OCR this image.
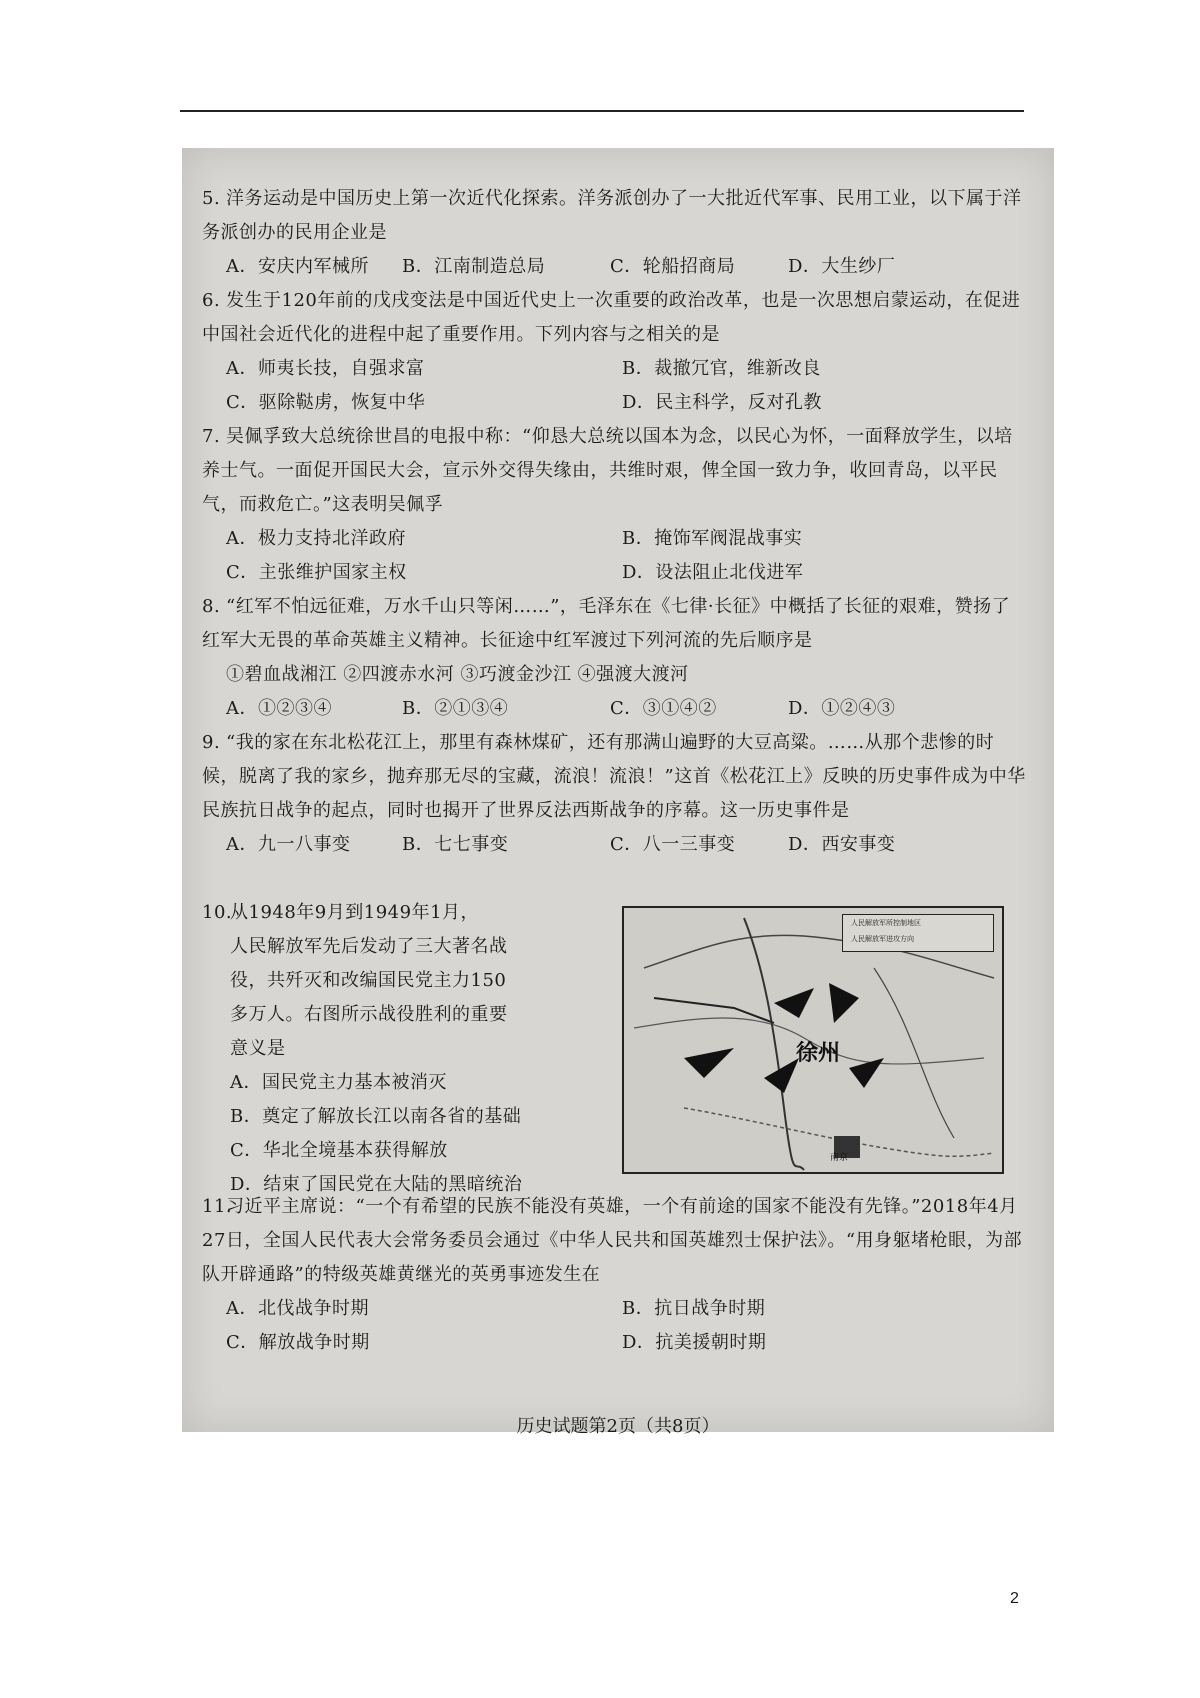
5. 洋务运动是中国历史上第一次近代化探索。洋务派创办了一大批近代军事、民用工业，以下属于洋务派创办的民用企业是
A．安庆内军械所 B．江南制造总局	C．轮船招商局	D．大生纱厂
6. 发生于120年前的戊戌变法是中国近代史上一次重要的政治改革，也是一次思想启蒙运动，在促进中国社会近代化的进程中起了重要作用。下列内容与之相关的是
A．师夷长技，自强求富	B．裁撤冗官，维新改良
C．驱除鞑虏，恢复中华	D．民主科学，反对孔教
7. 吴佩孚致大总统徐世昌的电报中称：“仰恳大总统以国本为念，以民心为怀，一面释放学生，以培养士气。一面促开国民大会，宣示外交得失缘由，共维时艰，俾全国一致力争，收回青岛，以平民气，而救危亡。”这表明吴佩孚
A．极力支持北洋政府	B．掩饰军阀混战事实
C．主张维护国家主权	D．设法阻止北伐进军
8. “红军不怕远征难，万水千山只等闲……”，毛泽东在《七律·长征》中概括了长征的艰难，赞扬了红军大无畏的革命英雄主义精神。长征途中红军渡过下列河流的先后顺序是
①碧血战湘江 ②四渡赤水河 ③巧渡金沙江 ④强渡大渡河
A．①②③④	B．②①③④	C．③①④②	D．①②④③
9. “我的家在东北松花江上，那里有森林煤矿，还有那满山遍野的大豆高粱。……从那个悲惨的时候，脱离了我的家乡，抛弃那无尽的宝藏，流浪！流浪！”这首《松花江上》反映的历史事件成为中华民族抗日战争的起点，同时也揭开了世界反法西斯战争的序幕。这一历史事件是
A．九一八事变	B．七七事变	C．八一三事变	D．西安事变
10.从1948年9月到1949年1月，
人民解放军先后发动了三大著名战
役，共歼灭和改编国民党主力150
多万人。右图所示战役胜利的重要
意义是
A．国民党主力基本被消灭
B．奠定了解放长江以南各省的基础
C．华北全境基本获得解放
D．结束了国民党在大陆的黑暗统治
人民解放军所控制地区
人民解放军进攻方向
徐州
南京
11.习近平主席说：“一个有希望的民族不能没有英雄，一个有前途的国家不能没有先锋。”2018年4月27日，全国人民代表大会常务委员会通过《中华人民共和国英雄烈士保护法》。“用身躯堵枪眼，为部队开辟通路”的特级英雄黄继光的英勇事迹发生在
A．北伐战争时期	B．抗日战争时期
C．解放战争时期	D．抗美援朝时期
历史试题第2页（共8页）
2
